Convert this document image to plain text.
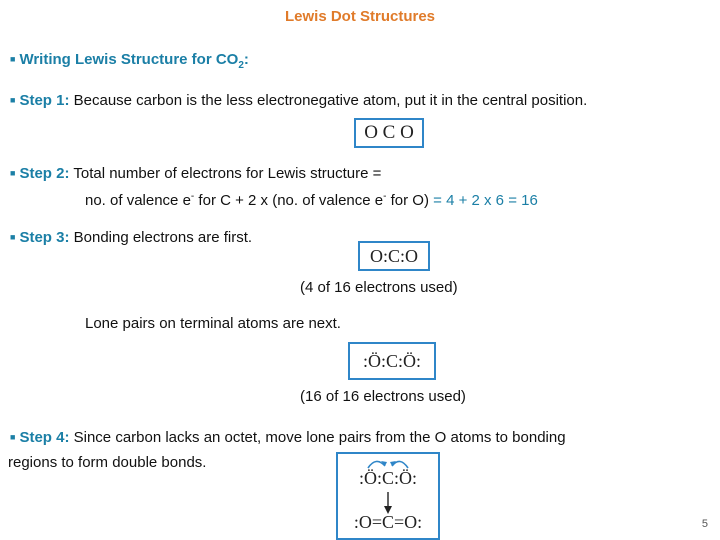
Lewis Dot Structures
■ Writing Lewis Structure for $CO_2$:
■ Step 1: Because carbon is the less electronegative atom, put it in the central position.
O C O
■ Step 2: Total number of electrons for Lewis structure =
no. of valence e- for C + 2 x (no. of valence e- for O) = 4 + 2 x 6 = 16
■ Step 3: Bonding electrons are first.
O:C:O
(4 of 16 electrons used)
Lone pairs on terminal atoms are next.
:Ö:C:Ö:
(16 of 16 electrons used)
■ Step 4: Since carbon lacks an octet, move lone pairs from the O atoms to bonding
regions to form double bonds.
:Ö:C:Ö:
:O=C=O:	5
